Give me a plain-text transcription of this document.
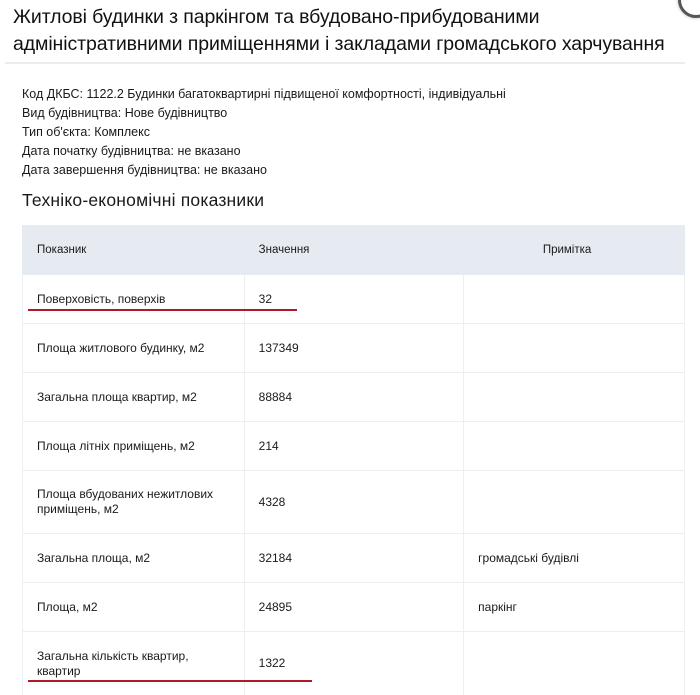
Житлові будинки з паркінгом та вбудовано-прибудованими адміністративними приміщеннями і закладами громадського харчування
Код ДКБС: 1122.2 Будинки багатоквартирні підвищеної комфортності, індивідуальні
Вид будівництва: Нове будівництво
Тип об'єкта: Комплекс
Дата початку будівництва: не вказано
Дата завершення будівництва: не вказано
Техніко-економічні показники
Показник	Значення	Примітка
Поверховість, поверхів	32	
Площа житлового будинку, м2	137349	
Загальна площа квартир, м2	88884	
Площа літніх приміщень, м2	214	
Площа вбудованих нежитлових приміщень, м2	4328	
Загальна площа, м2	32184	громадські будівлі
Площа, м2	24895	паркінг
Загальна кількість квартир, квартир	1322	
